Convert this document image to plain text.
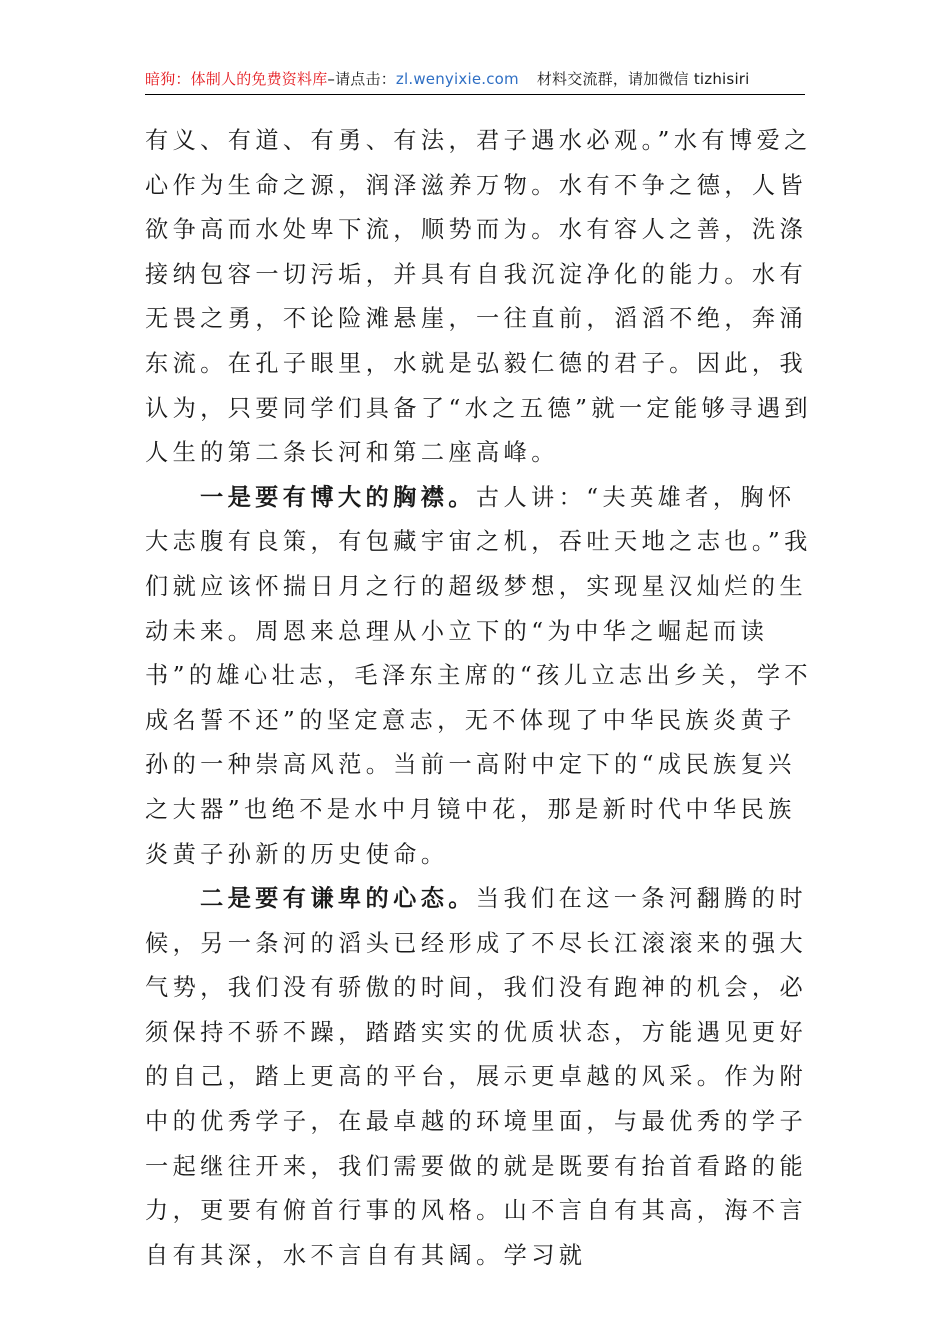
暗狗：体制人的免费资料库–请点击：zl.wenyixie.com 材料交流群，请加微信 tizhisiri

有义、有道、有勇、有法，君子遇水必观。”水有博爱之心作为生命之源，润泽滋养万物。水有不争之德，人皆欲争高而水处卑下流，顺势而为。水有容人之善，洗涤接纳包容一切污垢，并具有自我沉淀净化的能力。水有无畏之勇，不论险滩悬崖，一往直前，滔滔不绝，奔涌东流。在孔子眼里，水就是弘毅仁德的君子。因此，我认为，只要同学们具备了“水之五德”就一定能够寻遇到人生的第二条长河和第二座高峰。

一是要有博大的胸襟。古人讲：“夫英雄者，胸怀大志腹有良策，有包藏宇宙之机，吞吐天地之志也。”我们就应该怀揣日月之行的超级梦想，实现星汉灿烂的生动未来。周恩来总理从小立下的“为中华之崛起而读书”的雄心壮志，毛泽东主席的“孩儿立志出乡关，学不成名誓不还”的坚定意志，无不体现了中华民族炎黄子孙的一种崇高风范。当前一高附中定下的“成民族复兴之大器”也绝不是水中月镜中花，那是新时代中华民族炎黄子孙新的历史使命。

二是要有谦卑的心态。当我们在这一条河翻腾的时候，另一条河的滔头已经形成了不尽长江滚滚来的强大气势，我们没有骄傲的时间，我们没有跑神的机会，必须保持不骄不躁，踏踏实实的优质状态，方能遇见更好的自己，踏上更高的平台，展示更卓越的风采。作为附中的优秀学子，在最卓越的环境里面，与最优秀的学子一起继往开来，我们需要做的就是既要有抬首看路的能力，更要有俯首行事的风格。山不言自有其高，海不言自有其深，水不言自有其阔。学习就
